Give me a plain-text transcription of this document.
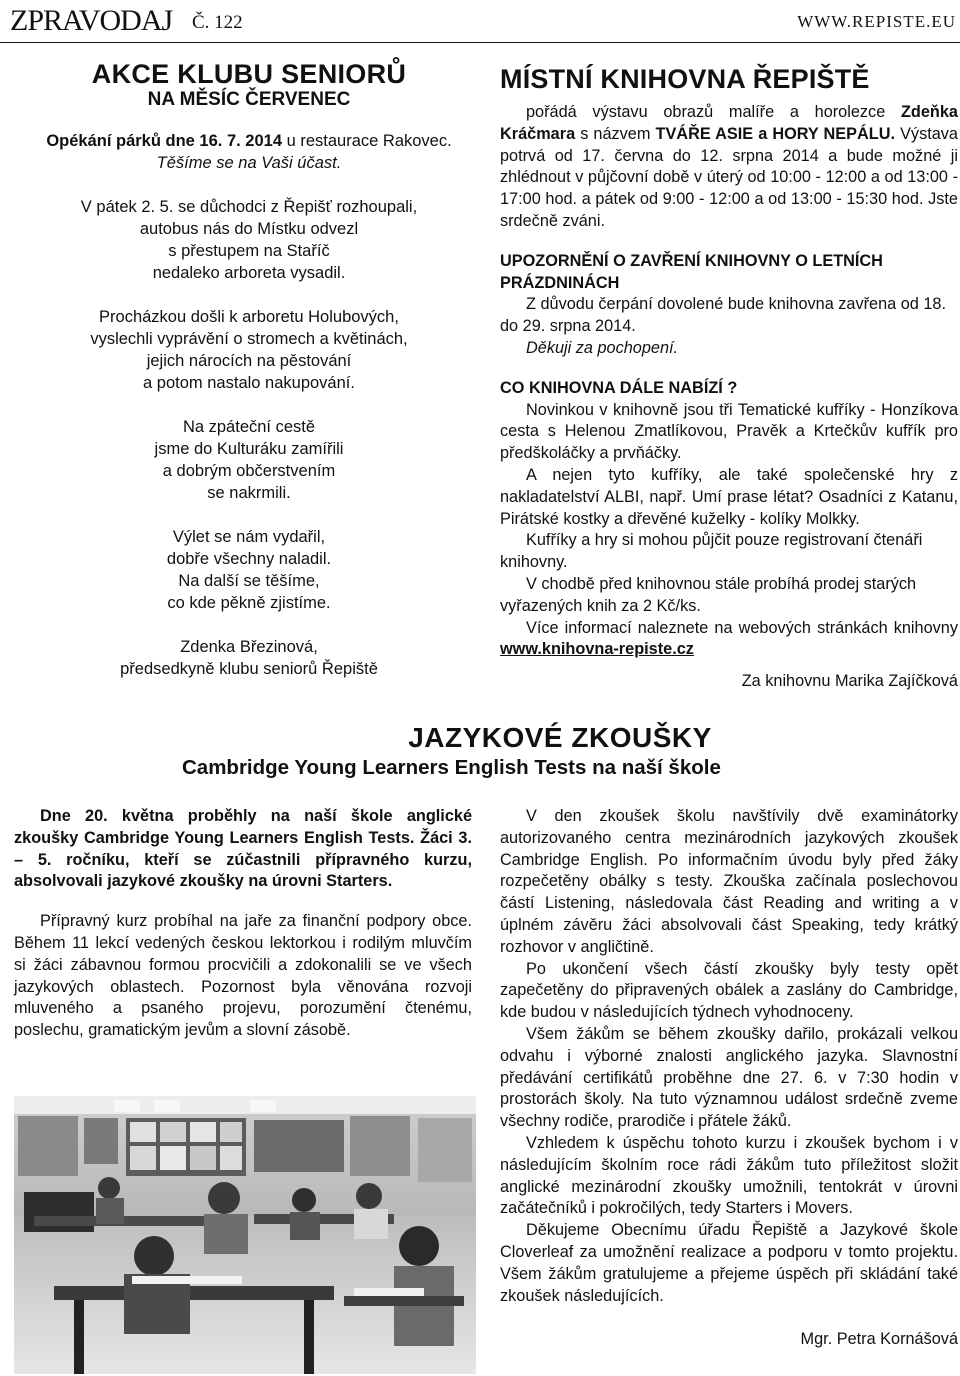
ZPRAVODAJ Č. 122	WWW.REPISTE.EU
AKCE KLUBU SENIORŮ
NA MĚSÍC ČERVENEC

Opékání párků dne 16. 7. 2014 u restaurace Rakovec.

Těšíme se na Vaši účast.

V pátek 2. 5. se důchodci z Řepišť rozhoupali,

autobus nás do Místku odvezl

s přestupem na Staříč

nedaleko arboreta vysadil.

Procházkou došli k arboretu Holubových,

vyslechli vyprávění o stromech a květinách,

jejich nárocích na pěstování

a potom nastalo nakupování.

Na zpáteční cestě

jsme do Kulturáku zamířili

a dobrým občerstvením

se nakrmili.

Výlet se nám vydařil,

dobře všechny naladil.

Na další se těšíme,

co kde pěkně zjistíme.

Zdenka Březinová,

předsedkyně klubu seniorů Řepiště

MÍSTNÍ KNIHOVNA ŘEPIŠTĚ

pořádá výstavu obrazů malíře a horolezce Zdeňka Kráčmara s názvem TVÁŘE ASIE a HORY NEPÁLU. Výstava potrvá od 17. června do 12. srpna 2014 a bude možné ji zhlédnout v půjčovní době v úterý od 10:00 - 12:00 a od 13:00 - 17:00 hod. a pátek od 9:00 - 12:00 a od 13:00 - 15:30 hod. Jste srdečně zváni.

UPOZORNĚNÍ O ZAVŘENÍ KNIHOVNY O LETNÍCH PRÁZDNINÁCH

Z důvodu čerpání dovolené bude knihovna zavřena od 18. do 29. srpna 2014.

Děkuji za pochopení.

CO KNIHOVNA DÁLE NABÍZÍ ?

Novinkou v knihovně jsou tři Tematické kufříky - Honzíkova cesta s Helenou Zmatlíkovou, Pravěk a Krtečkův kufřík pro předškoláčky a prvňáčky.

A nejen tyto kufříky, ale také společenské hry z nakladatelství ALBI, např. Umí prase létat? Osadníci z Katanu, Pirátské kostky a dřevěné kuželky - kolíky Molkky.

Kufříky a hry si mohou půjčit pouze registrovaní čtenáři knihovny.

V chodbě před knihovnou stále probíhá prodej starých vyřazených knih za 2 Kč/ks.

Více informací naleznete na webových stránkách knihovny www.knihovna-repiste.cz

Za knihovnu Marika Zajíčková

JAZYKOVÉ ZKOUŠKY
Cambridge Young Learners English Tests na naší škole

Dne 20. května proběhly na naší škole anglické zkoušky Cambridge Young Learners English Tests. Žáci 3. – 5. ročníku, kteří se zúčastnili přípravného kurzu, absolvovali jazykové zkoušky na úrovni Starters.

Přípravný kurz probíhal na jaře za finanční podpory obce. Během 11 lekcí vedených českou lektorkou i rodilým mluvčím si žáci zábavnou formou procvičili a zdokonalili se ve všech jazykových oblastech. Pozornost byla věnována rozvoji mluveného a psaného projevu, porozumění čtenému, poslechu, gramatickým jevům a slovní zásobě.

V den zkoušek školu navštívily dvě examinátorky autorizovaného centra mezinárodních jazykových zkoušek Cambridge English. Po informačním úvodu byly před žáky rozpečetěny obálky s testy. Zkouška začínala poslechovou částí Listening, následovala část Reading and writing a v úplném závěru žáci absolvovali část Speaking, tedy krátký rozhovor v angličtině.

Po ukončení všech částí zkoušky byly testy opět zapečetěny do připravených obálek a zaslány do Cambridge, kde budou v následujících týdnech vyhodnoceny.

Všem žákům se během zkoušky dařilo, prokázali velkou odvahu i výborné znalosti anglického jazyka. Slavnostní předávání certifikátů proběhne dne 27. 6. v 7:30 hodin v prostorách školy. Na tuto významnou událost srdečně zveme všechny rodiče, prarodiče i přátele žáků.

Vzhledem k úspěchu tohoto kurzu i zkoušek bychom i v následujícím školním roce rádi žákům tuto příležitost složit anglické mezinárodní zkoušky umožnili, tentokrát v úrovni začátečníků i pokročilých, tedy Starters i Movers.

Děkujeme Obecnímu úřadu Řepiště a Jazykové škole Cloverleaf za umožnění realizace a podporu v tomto projektu. Všem žákům gratulujeme a přejeme úspěch při skládání také zkoušek následujících.

Mgr. Petra Kornášová
